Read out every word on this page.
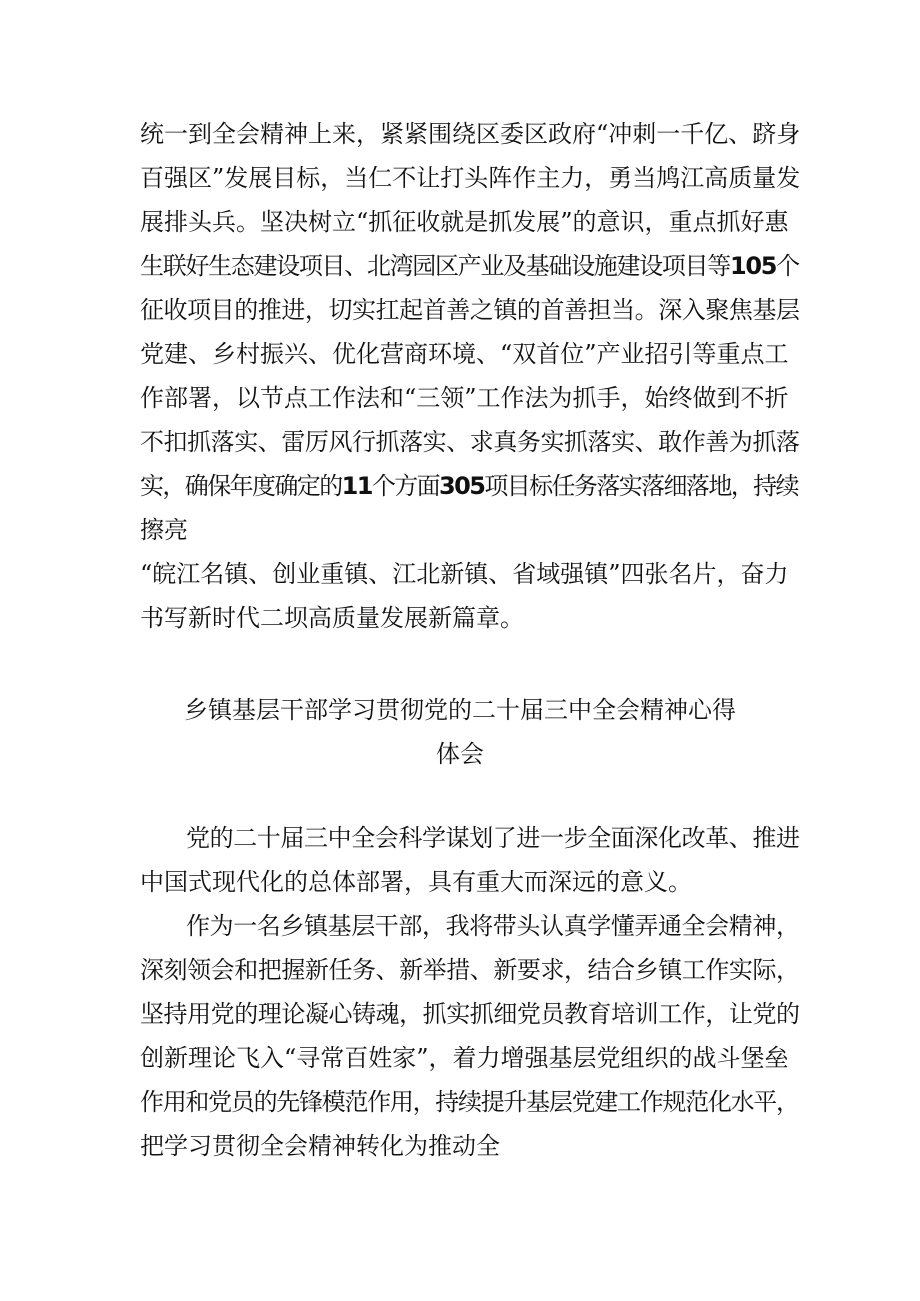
统一到全会精神上来，紧紧围绕区委区政府“冲刺一千亿、跻身
百强区”发展目标，当仁不让打头阵作主力，勇当鸠江高质量发
展排头兵。坚决树立“抓征收就是抓发展”的意识，重点抓好惠
生联好生态建设项目、北湾园区产业及基础设施建设项目等105个
征收项目的推进，切实扛起首善之镇的首善担当。深入聚焦基层
党建、乡村振兴、优化营商环境、“双首位”产业招引等重点工
作部署，以节点工作法和“三领”工作法为抓手，始终做到不折
不扣抓落实、雷厉风行抓落实、求真务实抓落实、敢作善为抓落
实，确保年度确定的11个方面305项目标任务落实落细落地，持续
擦亮
“皖江名镇、创业重镇、江北新镇、省域强镇”四张名片，奋力
书写新时代二坝高质量发展新篇章。
乡镇基层干部学习贯彻党的二十届三中全会精神心得
体会
党的二十届三中全会科学谋划了进一步全面深化改革、推进
中国式现代化的总体部署，具有重大而深远的意义。
作为一名乡镇基层干部，我将带头认真学懂弄通全会精神，
深刻领会和把握新任务、新举措、新要求，结合乡镇工作实际，
坚持用党的理论凝心铸魂，抓实抓细党员教育培训工作，让党的
创新理论飞入“寻常百姓家”，着力增强基层党组织的战斗堡垒
作用和党员的先锋模范作用，持续提升基层党建工作规范化水平，
把学习贯彻全会精神转化为推动全
